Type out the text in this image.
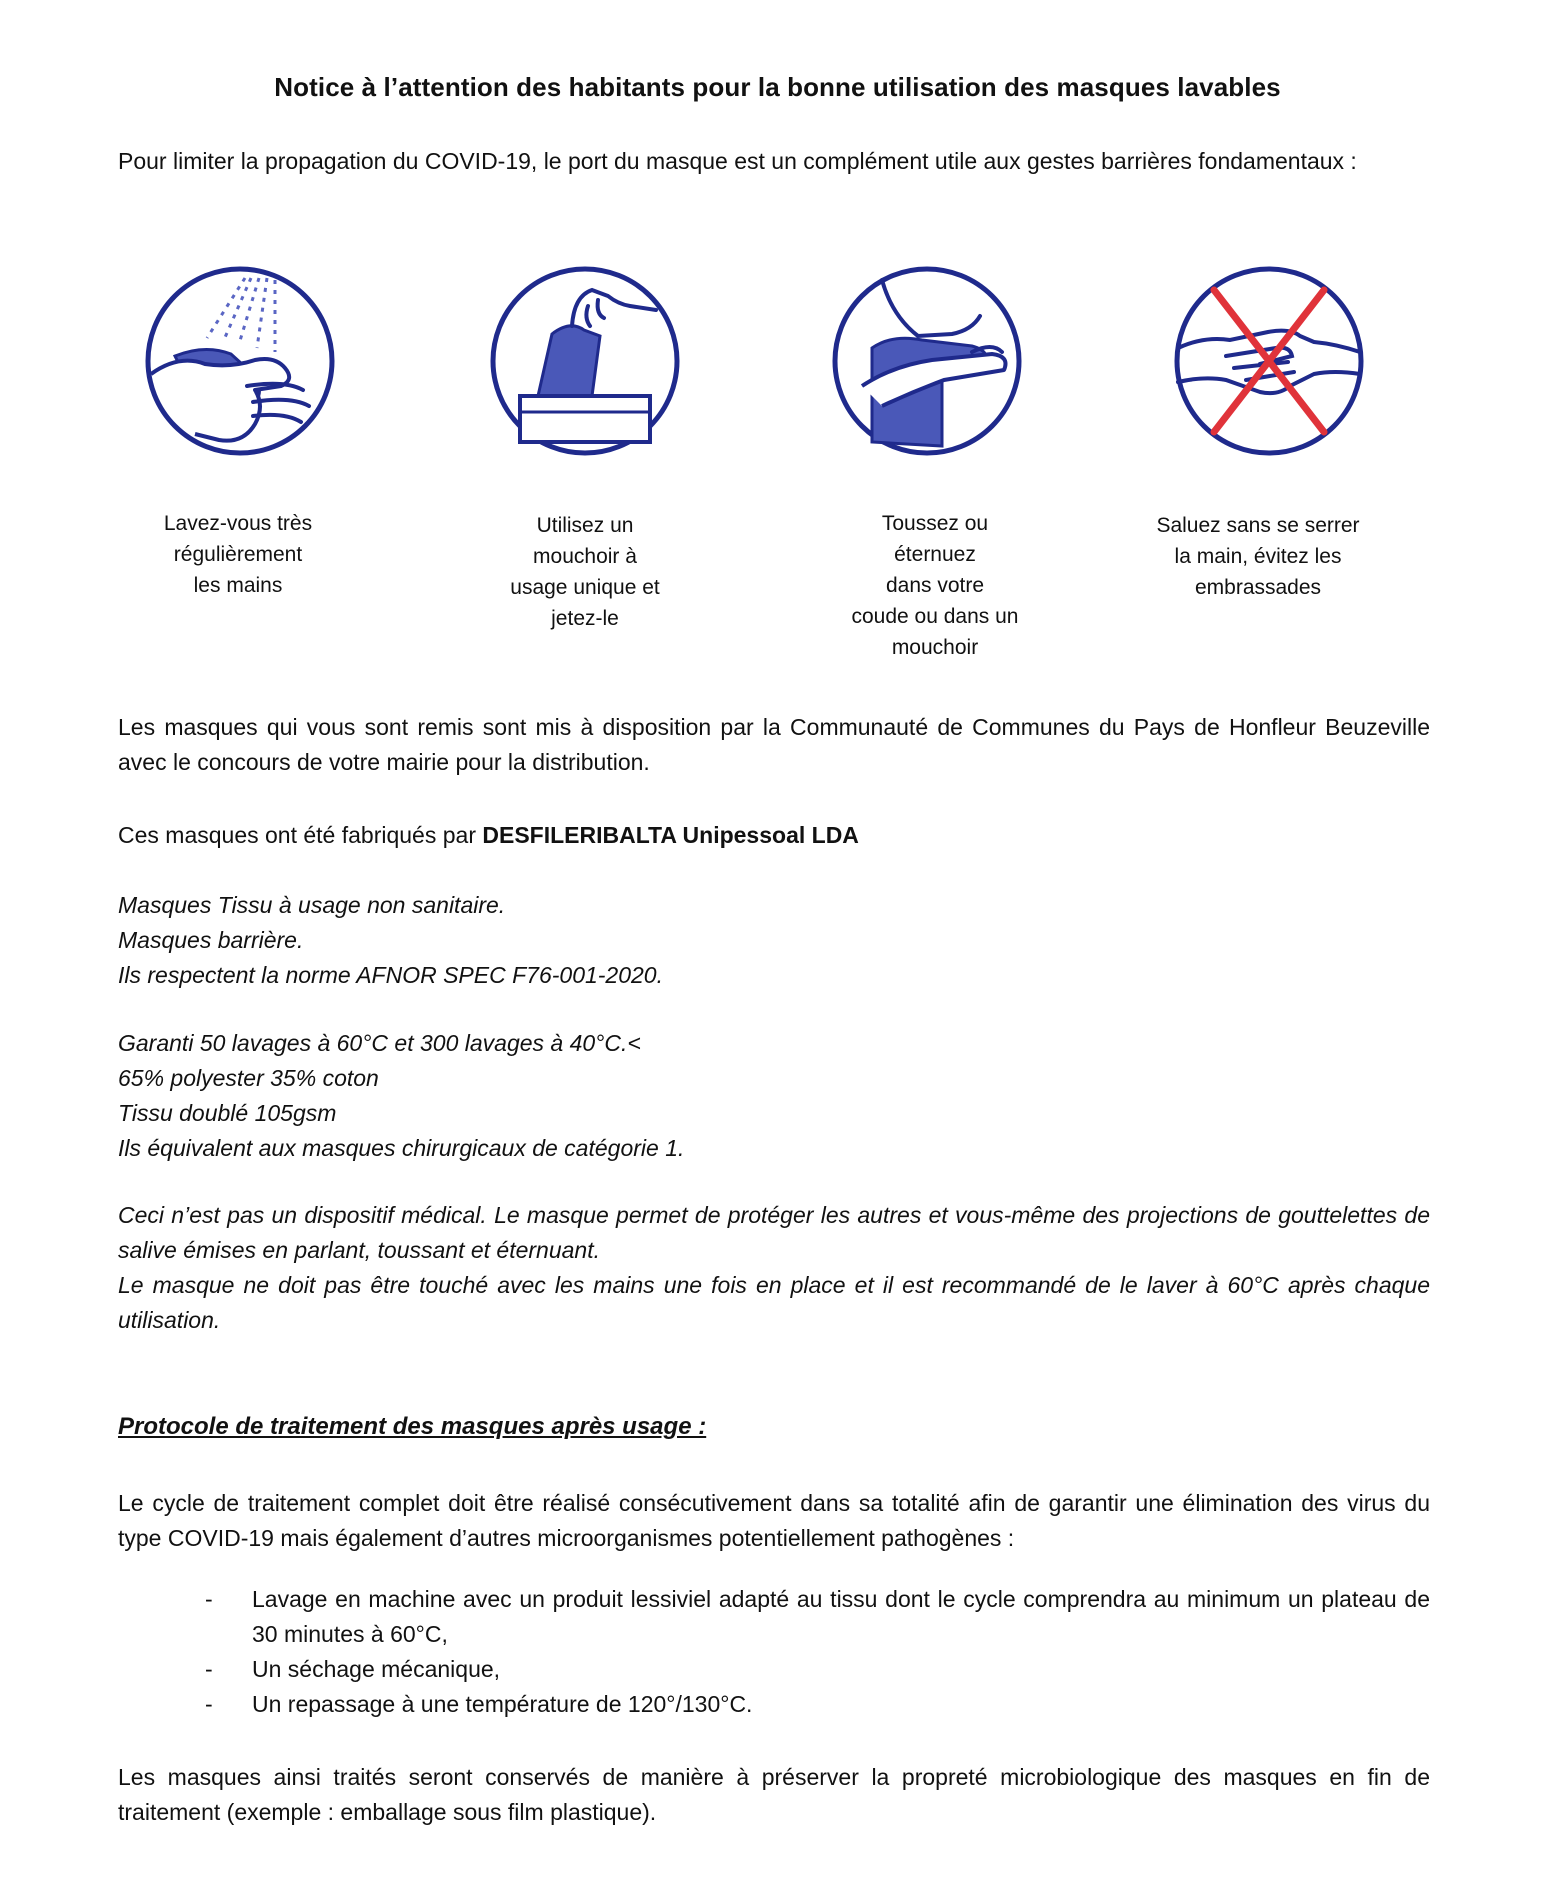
Notice à l’attention des habitants pour la bonne utilisation des masques lavables
Pour limiter la propagation du COVID-19, le port du masque est un complément utile aux gestes barrières fondamentaux :
Lavez-vous très
régulièrement
les mains
Utilisez un
mouchoir à
usage unique et
jetez-le
Toussez ou
éternuez
dans votre
coude ou dans un
mouchoir
Saluez sans se serrer
la main, évitez les
embrassades
Les masques qui vous sont remis sont mis à disposition par la Communauté de Communes du Pays de Honfleur Beuzeville avec le concours de votre mairie pour la distribution.
Ces masques ont été fabriqués par DESFILERIBALTA Unipessoal LDA
Masques Tissu à usage non sanitaire.
Masques barrière.
Ils respectent la norme AFNOR SPEC F76-001-2020.
Garanti 50 lavages à 60°C et 300 lavages à 40°C.<
65% polyester 35% coton
Tissu doublé 105gsm
Ils équivalent aux masques chirurgicaux de catégorie 1.
Ceci n’est pas un dispositif médical. Le masque permet de protéger les autres et vous-même des projections de gouttelettes de salive émises en parlant, toussant et éternuant.
Le masque ne doit pas être touché avec les mains une fois en place et il est recommandé de le laver à 60°C après chaque utilisation.
Protocole de traitement des masques après usage :
Le cycle de traitement complet doit être réalisé consécutivement dans sa totalité afin de garantir une élimination des virus du type COVID-19 mais également d’autres microorganismes potentiellement pathogènes :
- Lavage en machine avec un produit lessiviel adapté au tissu dont le cycle comprendra au minimum un plateau de 30 minutes à 60°C,
- Un séchage mécanique,
- Un repassage à une température de 120°/130°C.
Les masques ainsi traités seront conservés de manière à préserver la propreté microbiologique des masques en fin de traitement (exemple : emballage sous film plastique).
